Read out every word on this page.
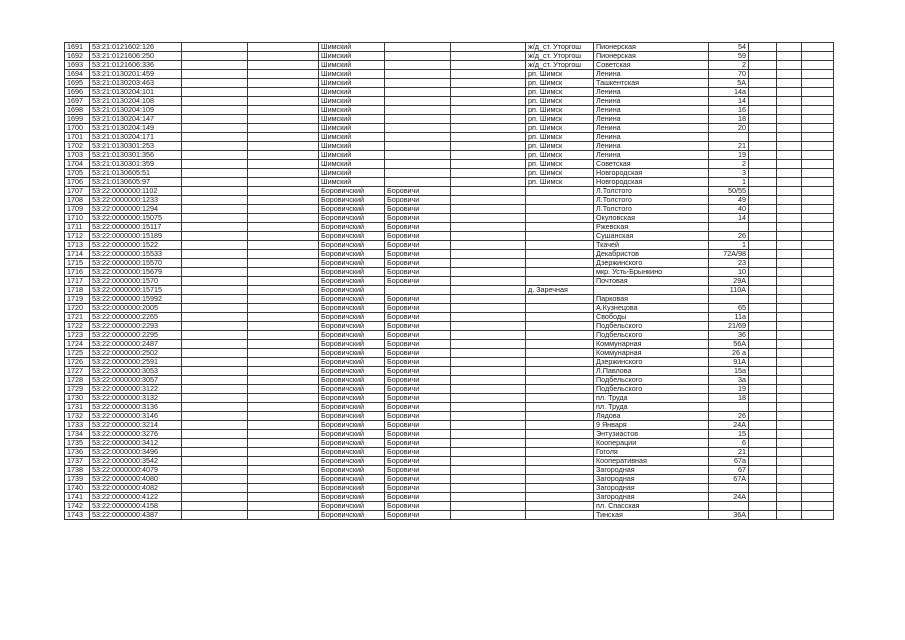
1691	53:21:0121602:126			Шимский			ж/д_ст. Уторгош	Пионерская	54			
1692	53:21:0121606:250			Шимский			ж/д_ст. Уторгош	Пионерская	59			
1693	53:21:0121606:336			Шимский			ж/д_ст. Уторгош	Советская	2			
1694	53:21:0130201:459			Шимский			рп. Шимск	Ленина	70			
1695	53:21:0130203:463			Шимский			рп. Шимск	Ташкентская	5А			
1696	53:21:0130204:101			Шимский			рп. Шимск	Ленина	14а			
1697	53:21:0130204:108			Шимский			рп. Шимск	Ленина	14			
1698	53:21:0130204:109			Шимский			рп. Шимск	Ленина	16			
1699	53:21:0130204:147			Шимский			рп. Шимск	Ленина	18			
1700	53:21:0130204:149			Шимский			рп. Шимск	Ленина	20			
1701	53:21:0130204:171			Шимский			рп. Шимск	Ленина				
1702	53:21:0130301:253			Шимский			рп. Шимск	Ленина	21			
1703	53:21:0130301:356			Шимский			рп. Шимск	Ленина	19			
1704	53:21:0130301:359			Шимский			рп. Шимск	Советская	2			
1705	53:21:0130605:51			Шимский			рп. Шимск	Новгородская	3			
1706	53:21:0130605:97			Шимский			рп. Шимск	Новгородская	1			
1707	53:22:0000000:1102			Боровичский	Боровичи			Л.Толстого	50/55			
1708	53:22:0000000:1233			Боровичский	Боровичи			Л.Толстого	49			
1709	53:22:0000000:1294			Боровичский	Боровичи			Л.Толстого	40			
1710	53:22:0000000:15075			Боровичский	Боровичи			Окуловская	14			
1711	53:22:0000000:15117			Боровичский	Боровичи			Ржевская				
1712	53:22:0000000:15189			Боровичский	Боровичи			Сушанская	26			
1713	53:22:0000000:1522			Боровичский	Боровичи			Ткачей	1			
1714	53:22:0000000:15533			Боровичский	Боровичи			Декабристов	72А/98			
1715	53:22:0000000:15570			Боровичский	Боровичи			Дзержинского	23			
1716	53:22:0000000:15679			Боровичский	Боровичи			мкр. Усть-Брынкино	10			
1717	53:22:0000000:1570			Боровичский	Боровичи			Почтовая	29А			
1718	53:22:0000000:15715			Боровичский			д. Заречная		110А			
1719	53:22:0000000:15992			Боровичский	Боровичи			Парковая				
1720	53:22:0000000:2005			Боровичский	Боровичи			А.Кузнецова	65			
1721	53:22:0000000:2265			Боровичский	Боровичи			Свободы	11а			
1722	53:22:0000000:2293			Боровичский	Боровичи			Подбельского	21/69			
1723	53:22:0000000:2295			Боровичский	Боровичи			Подбельского	36			
1724	53:22:0000000:2487			Боровичский	Боровичи			Коммунарная	56А			
1725	53:22:0000000:2502			Боровичский	Боровичи			Коммунарная	26 а			
1726	53:22:0000000:2591			Боровичский	Боровичи			Дзержинского	91А			
1727	53:22:0000000:3053			Боровичский	Боровичи			Л.Павлова	15а			
1728	53:22:0000000:3057			Боровичский	Боровичи			Подбельского	3а			
1729	53:22:0000000:3122			Боровичский	Боровичи			Подбельского	19			
1730	53:22:0000000:3132			Боровичский	Боровичи			пл. Труда	18			
1731	53:22:0000000:3136			Боровичский	Боровичи			пл. Труда				
1732	53:22:0000000:3146			Боровичский	Боровичи			Лядова	26			
1733	53:22:0000000:3214			Боровичский	Боровичи			9 Января	24А			
1734	53:22:0000000:3276			Боровичский	Боровичи			Энтузиастов	15			
1735	53:22:0000000:3412			Боровичский	Боровичи			Кооперации	6			
1736	53:22:0000000:3496			Боровичский	Боровичи			Гоголя	21			
1737	53:22:0000000:3542			Боровичский	Боровичи			Кооперативная	67а			
1738	53:22:0000000:4079			Боровичский	Боровичи			Загородная	67			
1739	53:22:0000000:4080			Боровичский	Боровичи			Загородная	67А			
1740	53:22:0000000:4082			Боровичский	Боровичи			Загородная				
1741	53:22:0000000:4122			Боровичский	Боровичи			Загородная	24А			
1742	53:22:0000000:4158			Боровичский	Боровичи			пл. Спасская				
1743	53:22:0000000:4387			Боровичский	Боровичи			Тинская	36А			
